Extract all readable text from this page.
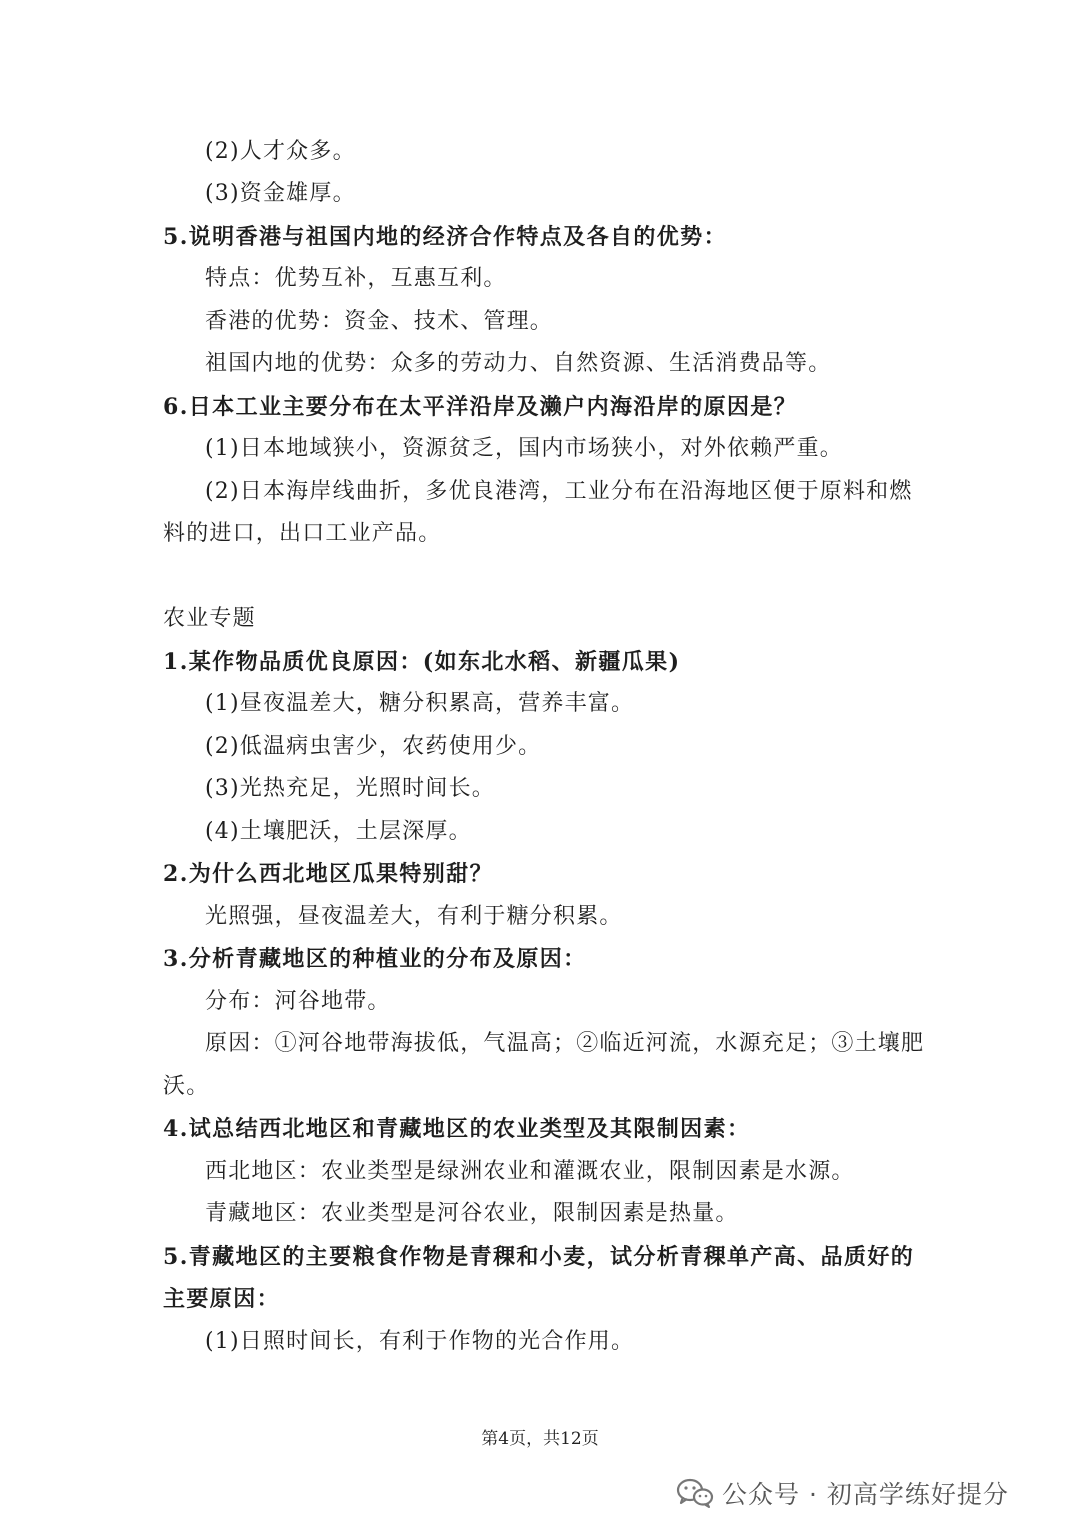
(2)人才众多。
(3)资金雄厚。
5.说明香港与祖国内地的经济合作特点及各自的优势：
特点：优势互补，互惠互利。
香港的优势：资金、技术、管理。
祖国内地的优势：众多的劳动力、自然资源、生活消费品等。
6.日本工业主要分布在太平洋沿岸及濑户内海沿岸的原因是？
(1)日本地域狭小，资源贫乏，国内市场狭小，对外依赖严重。
(2)日本海岸线曲折，多优良港湾，工业分布在沿海地区便于原料和燃
料的进口，出口工业产品。
农业专题
1.某作物品质优良原因：(如东北水稻、新疆瓜果)
(1)昼夜温差大，糖分积累高，营养丰富。
(2)低温病虫害少，农药使用少。
(3)光热充足，光照时间长。
(4)土壤肥沃，土层深厚。
2.为什么西北地区瓜果特别甜？
光照强，昼夜温差大，有利于糖分积累。
3.分析青藏地区的种植业的分布及原因：
分布：河谷地带。
原因：①河谷地带海拔低，气温高；②临近河流，水源充足；③土壤肥
沃。
4.试总结西北地区和青藏地区的农业类型及其限制因素：
西北地区：农业类型是绿洲农业和灌溉农业，限制因素是水源。
青藏地区：农业类型是河谷农业，限制因素是热量。
5.青藏地区的主要粮食作物是青稞和小麦，试分析青稞单产高、品质好的
主要原因：
(1)日照时间长，有利于作物的光合作用。
第4页，共12页
公众号 · 初高学练好提分
